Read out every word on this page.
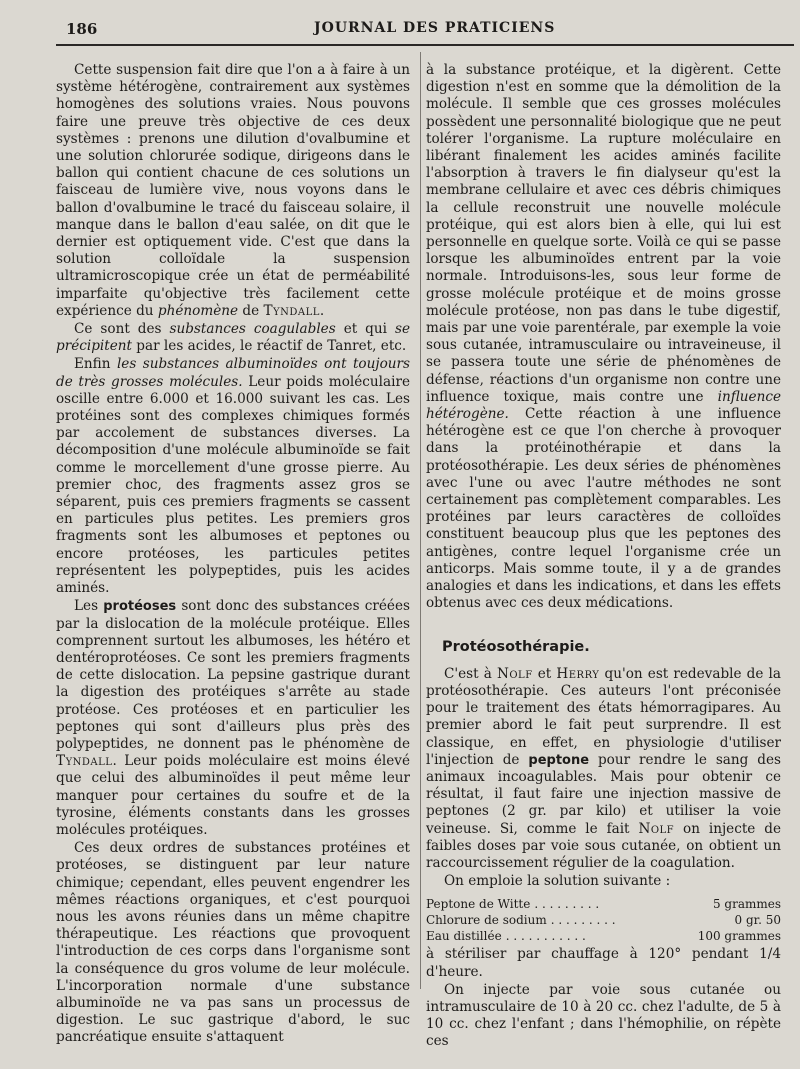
186	JOURNAL DES PRATICIENS

Cette suspension fait dire que l'on a à faire à un système hétérogène, contrairement aux systèmes homogènes des solutions vraies. Nous pouvons faire une preuve très objective de ces deux systèmes : prenons une dilution d'ovalbumine et une solution chlorurée sodique, dirigeons dans le ballon qui contient chacune de ces solutions un faisceau de lumière vive, nous voyons dans le ballon d'ovalbumine le tracé du faisceau solaire, il manque dans le ballon d'eau salée, on dit que le dernier est optiquement vide. C'est que dans la solution colloïdale la suspension ultramicroscopique crée un état de perméabilité imparfaite qu'objective très facilement cette expérience du phénomène de Tyndall.

Ce sont des substances coagulables et qui se précipitent par les acides, le réactif de Tanret, etc.

Enfin les substances albuminoïdes ont toujours de très grosses molécules. Leur poids moléculaire oscille entre 6.000 et 16.000 suivant les cas. Les protéines sont des complexes chimiques formés par accolement de substances diverses. La décomposition d'une molécule albuminoïde se fait comme le morcellement d'une grosse pierre. Au premier choc, des fragments assez gros se séparent, puis ces premiers fragments se cassent en particules plus petites. Les premiers gros fragments sont les albumoses et peptones ou encore protéoses, les particules petites représentent les polypeptides, puis les acides aminés.

Les protéoses sont donc des substances créées par la dislocation de la molécule protéique. Elles comprennent surtout les albumoses, les hétéro et dentéroprotéoses. Ce sont les premiers fragments de cette dislocation. La pepsine gastrique durant la digestion des protéiques s'arrête au stade protéose. Ces protéoses et en particulier les peptones qui sont d'ailleurs plus près des polypeptides, ne donnent pas le phénomène de Tyndall. Leur poids moléculaire est moins élevé que celui des albuminoïdes il peut même leur manquer pour certaines du soufre et de la tyrosine, éléments constants dans les grosses molécules protéiques.

Ces deux ordres de substances protéines et protéoses, se distinguent par leur nature chimique; cependant, elles peuvent engendrer les mêmes réactions organiques, et c'est pourquoi nous les avons réunies dans un même chapitre thérapeutique. Les réactions que provoquent l'introduction de ces corps dans l'organisme sont la conséquence du gros volume de leur molécule. L'incorporation normale d'une substance albuminoïde ne va pas sans un processus de digestion. Le suc gastrique d'abord, le suc pancréatique ensuite s'attaquent

à la substance protéique, et la digèrent. Cette digestion n'est en somme que la démolition de la molécule. Il semble que ces grosses molécules possèdent une personnalité biologique que ne peut tolérer l'organisme. La rupture moléculaire en libérant finalement les acides aminés facilite l'absorption à travers le fin dialyseur qu'est la membrane cellulaire et avec ces débris chimiques la cellule reconstruit une nouvelle molécule protéique, qui est alors bien à elle, qui lui est personnelle en quelque sorte. Voilà ce qui se passe lorsque les albuminoïdes entrent par la voie normale. Introduisons-les, sous leur forme de grosse molécule protéique et de moins grosse molécule protéose, non pas dans le tube digestif, mais par une voie parentérale, par exemple la voie sous cutanée, intramusculaire ou intraveineuse, il se passera toute une série de phénomènes de défense, réactions d'un organisme non contre une influence toxique, mais contre une influence hétérogène. Cette réaction à une influence hétérogène est ce que l'on cherche à provoquer dans la protéinothérapie et dans la protéosothérapie. Les deux séries de phénomènes avec l'une ou avec l'autre méthodes ne sont certainement pas complètement comparables. Les protéines par leurs caractères de colloïdes constituent beaucoup plus que les peptones des antigènes, contre lequel l'organisme crée un anticorps. Mais somme toute, il y a de grandes analogies et dans les indications, et dans les effets obtenus avec ces deux médications.

Protéosothérapie.

C'est à Nolf et Herry qu'on est redevable de la protéosothérapie. Ces auteurs l'ont préconisée pour le traitement des états hémorragipares. Au premier abord le fait peut surprendre. Il est classique, en effet, en physiologie d'utiliser l'injection de peptone pour rendre le sang des animaux incoagulables. Mais pour obtenir ce résultat, il faut faire une injection massive de peptones (2 gr. par kilo) et utiliser la voie veineuse. Si, comme le fait Nolf on injecte de faibles doses par voie sous cutanée, on obtient un raccourcissement régulier de la coagulation.

On emploie la solution suivante :

Peptone de Witte . . . . . . . . .	5 grammes
Chlorure de sodium . . . . . . . . .	0 gr. 50
Eau distillée . . . . . . . . . . .	100 grammes

à stériliser par chauffage à 120° pendant 1/4 d'heure.

On injecte par voie sous cutanée ou intramusculaire de 10 à 20 cc. chez l'adulte, de 5 à 10 cc. chez l'enfant ; dans l'hémophilie, on répète ces
